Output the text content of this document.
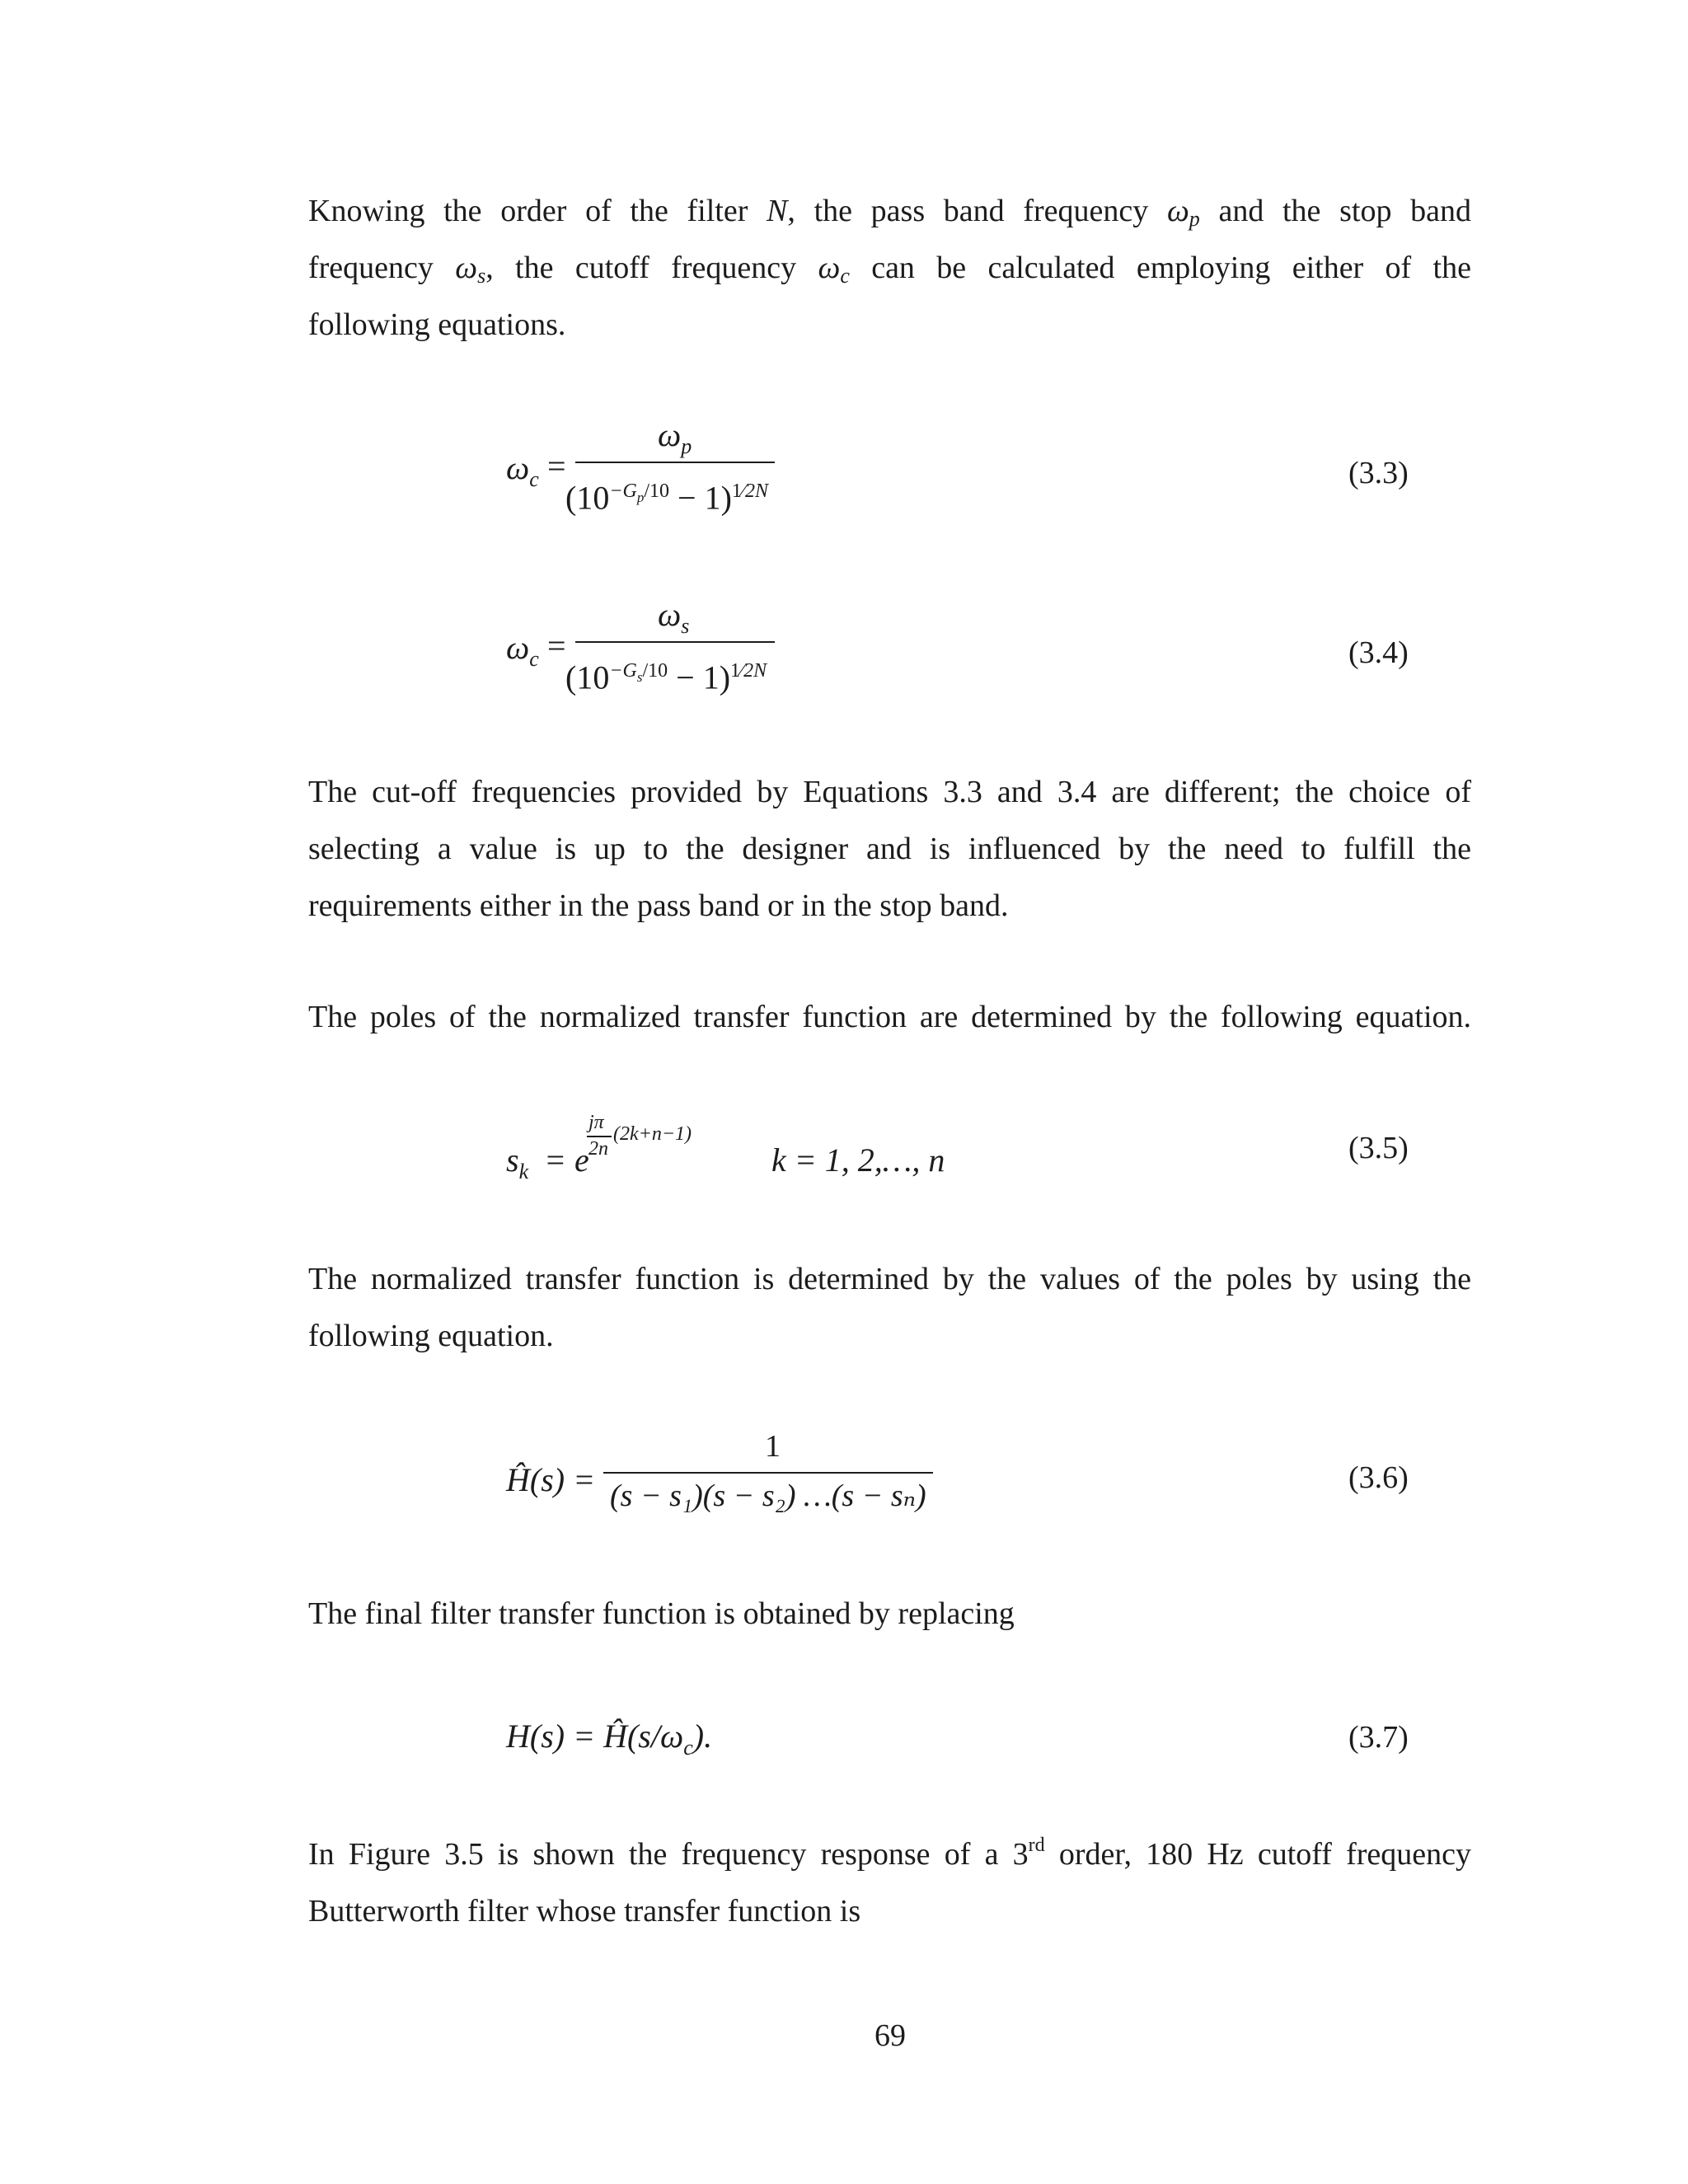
Knowing the order of the filter N, the pass band frequency $\omega_p$ and the stop band
frequency $\omega_s$, the cutoff frequency $\omega_c$ can be calculated employing either of the
following equations.
$\omega_c$ =
$\omega_p$
$(10^{-G_p/10} - 1)^{1⁄2N}$
(3.3)
$\omega_c$ =
$\omega_s$
$(10^{-G_s/10} - 1)^{1⁄2N}$
(3.4)
The cut-off frequencies provided by Equations 3.3 and 3.4 are different; the choice of
selecting a value is up to the designer and is influenced by the need to fulfill the
requirements either in the pass band or in the stop band.
The poles of the normalized transfer function are determined by the following equation.
$s_k = e$
jπ
2n
(2k+n−1)
k = 1, 2,…, n	(3.5)
The normalized transfer function is determined by the values of the poles by using the
following equation.
Ĥ(s) =
1
(s − s₁)(s − s₂) …(s − sₙ)
(3.6)
The final filter transfer function is obtained by replacing
$H(s) = Ĥ(s/\omega_c)$.	(3.7)
In Figure 3.5 is shown the frequency response of a 3rd order, 180 Hz cutoff frequency
Butterworth filter whose transfer function is
69
